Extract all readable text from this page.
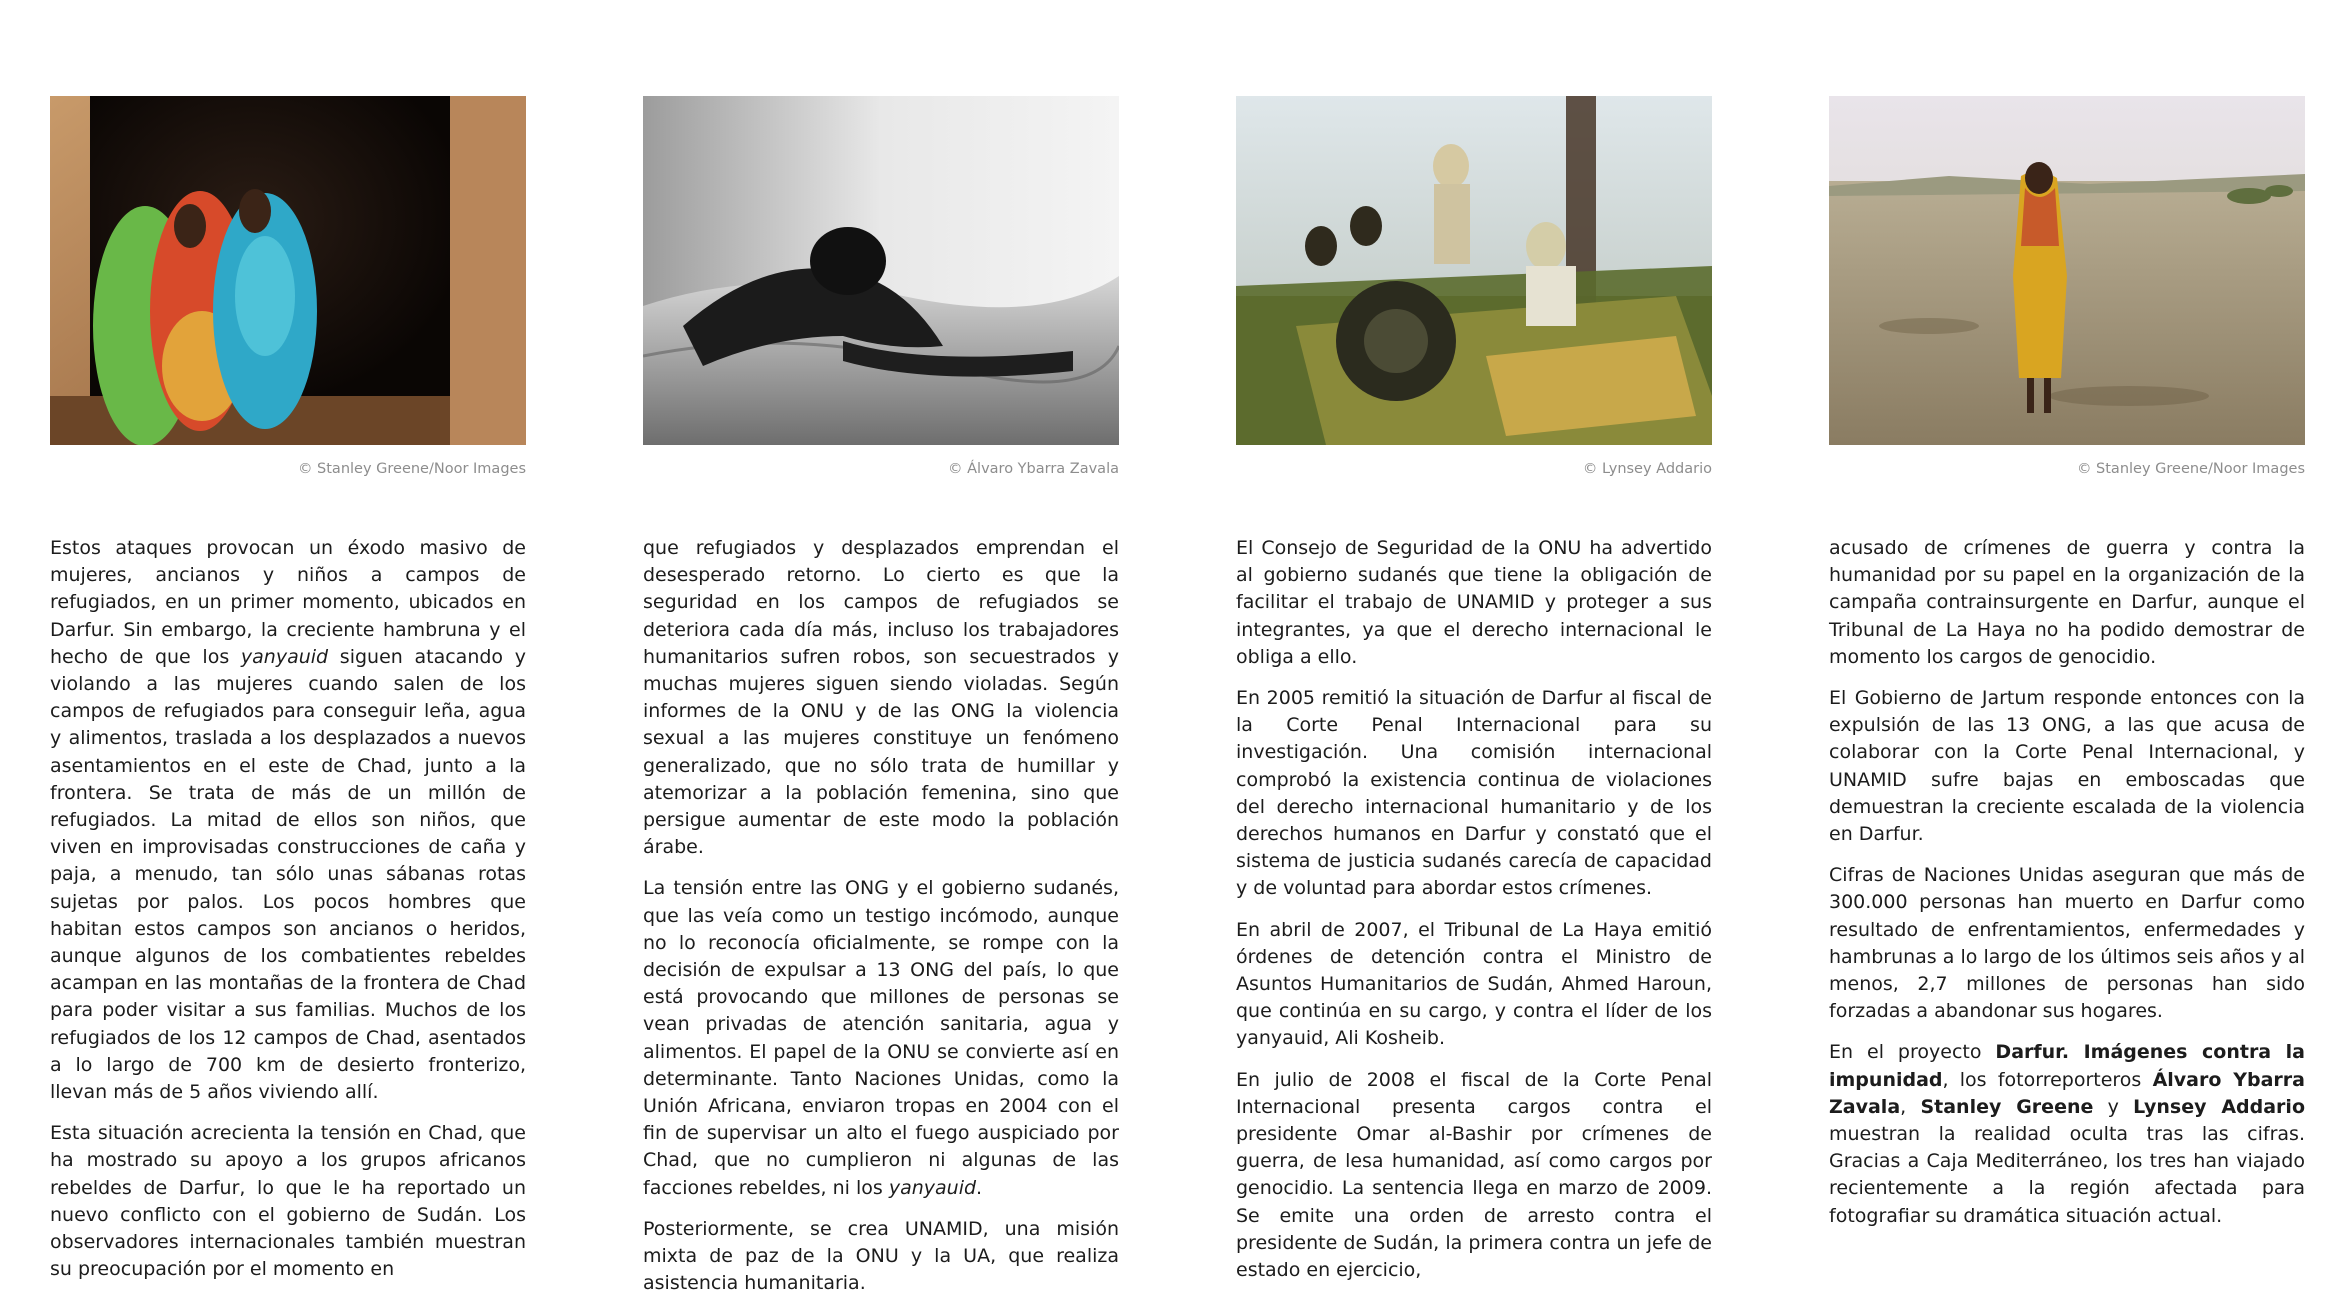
© Stanley Greene/Noor Images

Estos ataques provocan un éxodo masivo de mujeres, ancianos y niños a campos de refugiados, en un primer momento, ubicados en Darfur. Sin embargo, la creciente hambruna y el hecho de que los yanyauid siguen atacando y violando a las mujeres cuando salen de los campos de refugiados para conseguir leña, agua y alimentos, traslada a los desplazados a nuevos asentamientos en el este de Chad, junto a la frontera. Se trata de más de un millón de refugiados. La mitad de ellos son niños, que viven en improvisadas construcciones de caña y paja, a menudo, tan sólo unas sábanas rotas sujetas por palos. Los pocos hombres que habitan estos campos son ancianos o heridos, aunque algunos de los combatientes rebeldes acampan en las montañas de la frontera de Chad para poder visitar a sus familias. Muchos de los refugiados de los 12 campos de Chad, asentados a lo largo de 700 km de desierto fronterizo, llevan más de 5 años viviendo allí.

Esta situación acrecienta la tensión en Chad, que ha mostrado su apoyo a los grupos africanos rebeldes de Darfur, lo que le ha reportado un nuevo conflicto con el gobierno de Sudán. Los observadores internacionales también muestran su preocupación por el momento en

© Álvaro Ybarra Zavala

que refugiados y desplazados emprendan el desesperado retorno. Lo cierto es que la seguridad en los campos de refugiados se deteriora cada día más, incluso los trabajadores humanitarios sufren robos, son secuestrados y muchas mujeres siguen siendo violadas. Según informes de la ONU y de las ONG la violencia sexual a las mujeres constituye un fenómeno generalizado, que no sólo trata de humillar y atemorizar a la población femenina, sino que persigue aumentar de este modo la población árabe.

La tensión entre las ONG y el gobierno sudanés, que las veía como un testigo incómodo, aunque no lo reconocía oficialmente, se rompe con la decisión de expulsar a 13 ONG del país, lo que está provocando que millones de personas se vean privadas de atención sanitaria, agua y alimentos. El papel de la ONU se convierte así en determinante. Tanto Naciones Unidas, como la Unión Africana, enviaron tropas en 2004 con el fin de supervisar un alto el fuego auspiciado por Chad, que no cumplieron ni algunas de las facciones rebeldes, ni los yanyauid.

Posteriormente, se crea UNAMID, una misión mixta de paz de la ONU y la UA, que realiza asistencia humanitaria.

© Lynsey Addario

El Consejo de Seguridad de la ONU ha advertido al gobierno sudanés que tiene la obligación de facilitar el trabajo de UNAMID y proteger a sus integrantes, ya que el derecho internacional le obliga a ello.

En 2005 remitió la situación de Darfur al fiscal de la Corte Penal Internacional para su investigación. Una comisión internacional comprobó la existencia continua de violaciones del derecho internacional humanitario y de los derechos humanos en Darfur y constató que el sistema de justicia sudanés carecía de capacidad y de voluntad para abordar estos crímenes.

En abril de 2007, el Tribunal de La Haya emitió órdenes de detención contra el Ministro de Asuntos Humanitarios de Sudán, Ahmed Haroun, que continúa en su cargo, y contra el líder de los yanyauid, Ali Kosheib.

En julio de 2008 el fiscal de la Corte Penal Internacional presenta cargos contra el presidente Omar al-Bashir por crímenes de guerra, de lesa humanidad, así como cargos por genocidio. La sentencia llega en marzo de 2009. Se emite una orden de arresto contra el presidente de Sudán, la primera contra un jefe de estado en ejercicio,

© Stanley Greene/Noor Images

acusado de crímenes de guerra y contra la humanidad por su papel en la organización de la campaña contrainsurgente en Darfur, aunque el Tribunal de La Haya no ha podido demostrar de momento los cargos de genocidio.

El Gobierno de Jartum responde entonces con la expulsión de las 13 ONG, a las que acusa de colaborar con la Corte Penal Internacional, y UNAMID sufre bajas en emboscadas que demuestran la creciente escalada de la violencia en Darfur.

Cifras de Naciones Unidas aseguran que más de 300.000 personas han muerto en Darfur como resultado de enfrentamientos, enfermedades y hambrunas a lo largo de los últimos seis años y al menos, 2,7 millones de personas han sido forzadas a abandonar sus hogares.

En el proyecto Darfur. Imágenes contra la impunidad, los fotorreporteros Álvaro Ybarra Zavala, Stanley Greene y Lynsey Addario muestran la realidad oculta tras las cifras. Gracias a Caja Mediterráneo, los tres han viajado recientemente a la región afectada para fotografiar su dramática situación actual.
